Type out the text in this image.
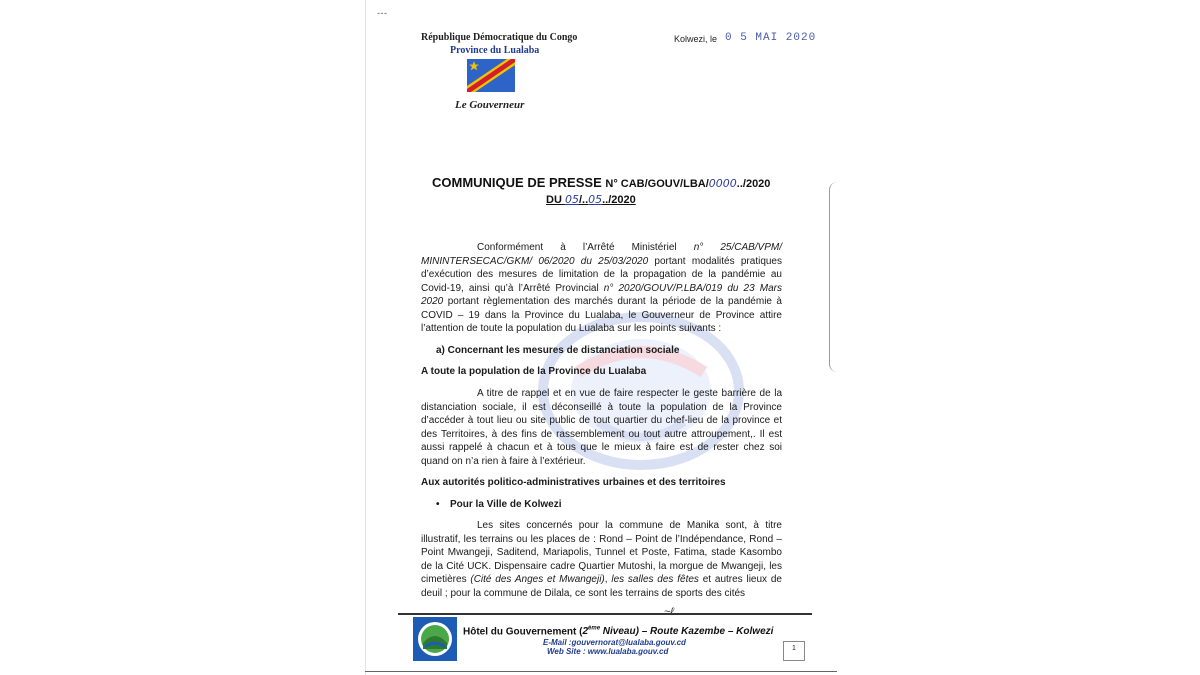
- - -
République Démocratique du Congo
Province du Lualaba
Le Gouverneur
Kolwezi, le 0 5 MAI 2020
COMMUNIQUE DE PRESSE N° CAB/GOUV/LBA/0000../2020
DU 05/..05../2020
Conformément à l’Arrêté Ministériel n° 25/CAB/VPM/ MININTERSECAC/GKM/ 06/2020 du 25/03/2020 portant modalités pratiques d’exécution des mesures de limitation de la propagation de la pandémie au Covid-19, ainsi qu’à l’Arrêté Provincial n° 2020/GOUV/P.LBA/019 du 23 Mars 2020 portant règlementation des marchés durant la période de la pandémie à COVID – 19 dans la Province du Lualaba, le Gouverneur de Province attire l’attention de toute la population du Lualaba sur les points suivants :
a) Concernant les mesures de distanciation sociale
A toute la population de la Province du Lualaba
A titre de rappel et en vue de faire respecter le geste barrière de la distanciation sociale, il est déconseillé à toute la population de la Province d’accéder à tout lieu ou site public de tout quartier du chef-lieu de la province et des Territoires, à des fins de rassemblement ou tout autre attroupement,. Il est aussi rappelé à chacun et à tous que le mieux à faire est de rester chez soi quand on n’a rien à faire à l’extérieur.
Aux autorités politico-administratives urbaines et des territoires
• Pour la Ville de Kolwezi
Les sites concernés pour la commune de Manika sont, à titre illustratif, les terrains ou les places de : Rond – Point de l’Indépendance, Rond – Point Mwangeji, Saditend, Mariapolis, Tunnel et Poste, Fatima, stade Kasombo de la Cité UCK. Dispensaire cadre Quartier Mutoshi, la morgue de Mwangeji, les cimetières (Cité des Anges et Mwangeji), les salles des fêtes et autres lieux de deuil ; pour la commune de Dilala, ce sont les terrains de sports des cités
~ℓ
Hôtel du Gouvernement (2ème Niveau) – Route Kazembe – Kolwezi
E-Mail :gouvernorat@lualaba.gouv.cd
Web Site : www.lualaba.gouv.cd	1
